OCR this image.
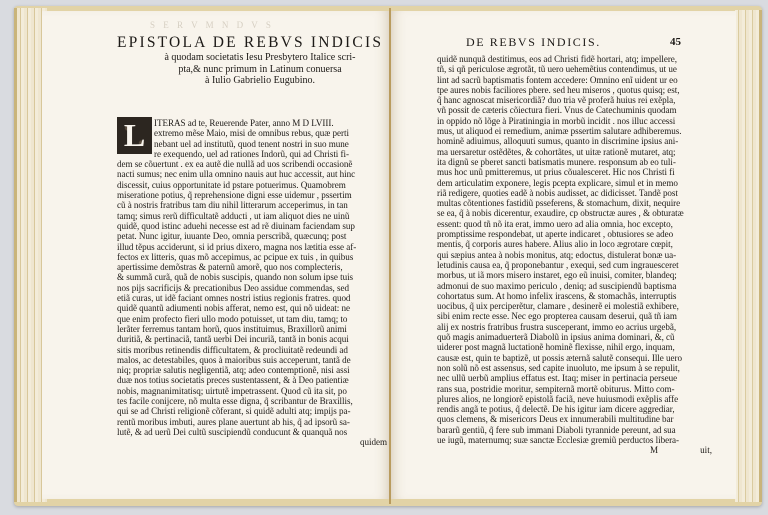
S E R V M N D V S
EPISTOLA DE REBVS INDICIS
à quodam societatis Iesu Presbytero Italice scri-
pta,& nunc primum in Latinum conuersa
à Iulio Gabrielio Eugubino.
L ITERAS ad te, Reuerende Pater, anno M D LVIII.
extremo mẽse Maio, misi de omnibus rebus, quæ perti
nebant uel ad institutũ, quod tenent nostri in suo mune
re exequendo, uel ad rationes Indorũ, qui ad Christi fi-
dem se cõuertunt . ex ea autẽ die nullã ad uos scribendi occasionẽ
nacti sumus; nec enim ulla omnino nauis aut huc accessit, aut hinc
discessit, cuius opportunitate id pstare potuerimus. Quamobrem
miseratione potius, q̃ reprehensione digni esse uidemur , pssertim
cũ à nostris fratribus tam diu nihil litterarum acceperimus, in tan
tamq; simus rerũ difficultatẽ adducti , ut iam aliquot dies ne uinũ
quidẽ, quod istinc aduehi necesse est ad rẽ diuinam faciendam sup
petat. Nunc igitur, iuuante Deo, omnia perscribã, quæcunq; post
illud tẽpus acciderunt, si id prius dixero, magna nos lætitia esse af-
fectos ex litteris, quas mõ accepimus, ac pcipue ex tuis , in quibus
apertissime demõstras & paternũ amorẽ, quo nos complecteris,
& summã curã, quã de nobis suscipis, quando non solum ipse tuis
nos pijs sacrificijs & precationibus Deo assidue commendas, sed
etiã curas, ut idẽ faciant omnes nostri istius regionis fratres. quod
quidẽ quantũ adiumenti nobis afferat, nemo est, qui nõ uideat: ne
que enim profecto fieri ullo modo potuisset, ut tam diu, tamq; to
lerãter ferremus tantam horũ, quos instituimus, Braxillorũ animi
duritiã, & pertinaciã, tantã uerbi Dei incuriã, tantã in bonis acqui
sitis moribus retinendis difficultatem, & procliuitatẽ redeundi ad
malos, ac detestabiles, quos à maioribus suis acceperunt, tantã de
niq; propriæ salutis negligentiã, atq; adeo contemptionẽ, nisi assi
duæ nos totius societatis preces sustentassent, & à Deo patientiæ
nobis, magnanimitatisq; uirtutẽ impetrassent. Quod cũ ita sit, po
tes facile conijcere, nõ multa esse digna, q̃ scribantur de Braxillis,
qui se ad Christi religionẽ cõferant, si quidẽ adulti atq; impijs pa-
rentũ moribus imbuti, aures plane auertunt ab his, q̃ ad ipsorũ sa-
lutẽ, & ad uerũ Dei cultũ suscipiendũ conducunt & quanquã nos
quidem
DE REBVS INDICIS.	45
quidẽ nunquã destitimus, eos ad Christi fidẽ hortari, atq; impellere,
tñ, si qñ periculose ægrotãt, tũ uero uehemẽtius contendimus, ut ue
lint ad sacrũ baptismatis fontem accedere: Omnino enĩ uident ur eo
tpe aures nobis faciliores pbere. sed heu miseros , quotus quisq; est,
q̃ hanc agnoscat misericordiã? duo tria vẽ proferã huius rei exẽpla,
vñ possit de cæteris cõiectura fieri. Vnus de Catechuminis quodam
in oppido nõ lõge à Piratiningia in morbũ incidit . nos illuc accessi
mus, ut aliquod ei remedium, animæ pssertim salutare adhiberemus.
hominẽ adiuimus, alloquuti sumus, quanto in discrimine ipsius ani-
ma uersaretur ostẽdẽtes, & cohortãtes, ut uitæ rationẽ mutaret, atq;
ita dignũ se pberet sancti batismatis munere. responsum ab eo tuli-
mus hoc unũ pmitteremus, ut prius cõualesceret. Hic nos Christi fi
dem articulatim exponere, legis pcepta explicare, simul et in memo
riã redigere, quoties eadẽ à nobis audisset, ac didicisset. Tandẽ post
multas cõtentiones fastidiũ psseferens, & stomachum, dixit, nequire
se ea, q̃ à nobis dicerentur, exaudire, cp obstructæ aures , & obturatæ
essent: quod tñ nõ ita erat, immo uero ad alia omnia, hoc excepto,
promptissime respondebat, ut aperte indicaret , obtusiores se adeo
mentis, q̃ corporis aures habere. Alius alio in loco ægrotare cœpit,
qui sæpius antea à nobis monitus, atq; edoctus, distulerat bonæ ua-
letudinis causa ea, q̃ proponebantur , exequi, sed cum ingrauesceret
morbus, ut iã mors misero instaret, ego eũ inuisi, comiter, blandeq;
admonui de suo maximo periculo , deniq; ad suscipiendũ baptisma
cohortatus sum. At homo infelix irascens, & stomachãs, interruptis
uocibus, q̃ uix perciperẽtur, clamare , desinerẽ ei molestiã exhibere,
sibi enim recte esse. Nec ego propterea causam deserui, quã tñ iam
alij ex nostris fratribus frustra susceperant, immo eo acrius urgebã,
quõ magis animaduerterã Diabolũ in ipsius anima dominari, &, cũ
uiderer post magnã luctationẽ hominẽ flexisse, nihil ergo, inquam,
causæ est, quin te baptizẽ, ut possis æternã salutẽ consequi. Ille uero
non solũ nõ est assensus, sed capite inuoluto, me ipsum à se repulit,
nec ullũ uerbũ amplius effatus est. Itaq; miser in pertinacia perseue
rans sua, postridie moritur, sempiternã mortẽ obiturus. Mitto com-
plures alios, ne longiorẽ epistolã faciã, neve huiusmodi exẽplis affe
rendis angã te potius, q̃ delectẽ. De his igitur iam dicere aggrediar,
quos clemens, & misericors Deus ex innumerabili multitudine bar
bararũ gentiũ, q̃ fere sub immani Diaboli tyrannide pereunt, ad sua
ue iugũ, maternumq; suæ sanctæ Ecclesiæ gremiũ perductos libera-
M	uit,
